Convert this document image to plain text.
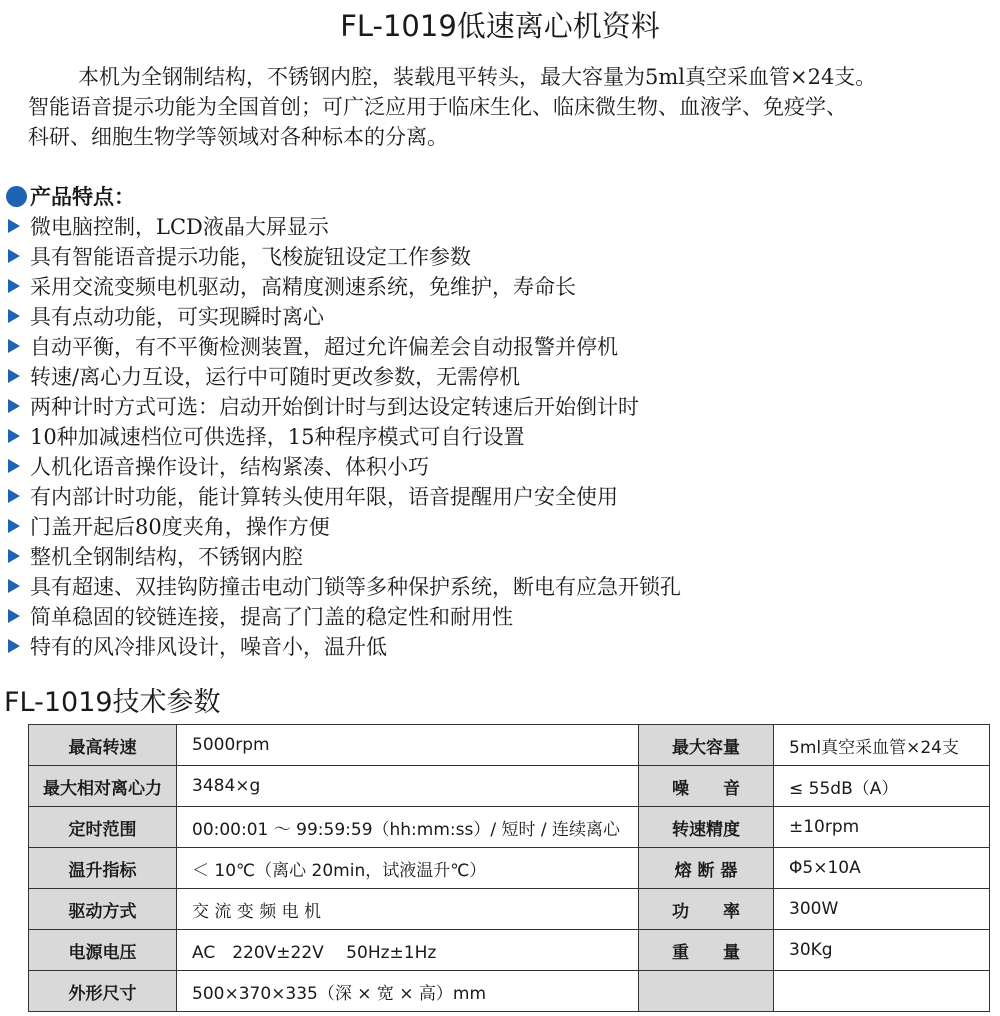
FL-1019低速离心机资料
本机为全钢制结构，不锈钢内腔，装载甩平转头，最大容量为5ml真空采血管×24支。
智能语音提示功能为全国首创；可广泛应用于临床生化、临床微生物、血液学、免疫学、
科研、细胞生物学等领域对各种标本的分离。
产品特点：
微电脑控制，LCD液晶大屏显示
具有智能语音提示功能，飞梭旋钮设定工作参数
采用交流变频电机驱动，高精度测速系统，免维护，寿命长
具有点动功能，可实现瞬时离心
自动平衡，有不平衡检测装置，超过允许偏差会自动报警并停机
转速/离心力互设，运行中可随时更改参数，无需停机
两种计时方式可选：启动开始倒计时与到达设定转速后开始倒计时
10种加减速档位可供选择，15种程序模式可自行设置
人机化语音操作设计，结构紧凑、体积小巧
有内部计时功能，能计算转头使用年限，语音提醒用户安全使用
门盖开起后80度夹角，操作方便
整机全钢制结构，不锈钢内腔
具有超速、双挂钩防撞击电动门锁等多种保护系统，断电有应急开锁孔
简单稳固的铰链连接，提高了门盖的稳定性和耐用性
特有的风冷排风设计，噪音小，温升低
FL-1019技术参数
最高转速	5000rpm	最大容量	5ml真空采血管×24支
最大相对离心力	3484×g	噪　　音	≤ 55dB（A）
定时范围	00:00:01 ～ 99:59:59（hh:mm:ss）/ 短时 / 连续离心	转速精度	±10rpm
温升指标	＜ 10℃（离心 20min，试液温升℃）	熔 断 器	Φ5×10A
驱动方式	交 流 变 频 电 机	功　　率	300W
电源电压	AC　220V±22V　 50Hz±1Hz	重　　量	30Kg
外形尺寸	500×370×335（深 × 宽 × 高）mm		
